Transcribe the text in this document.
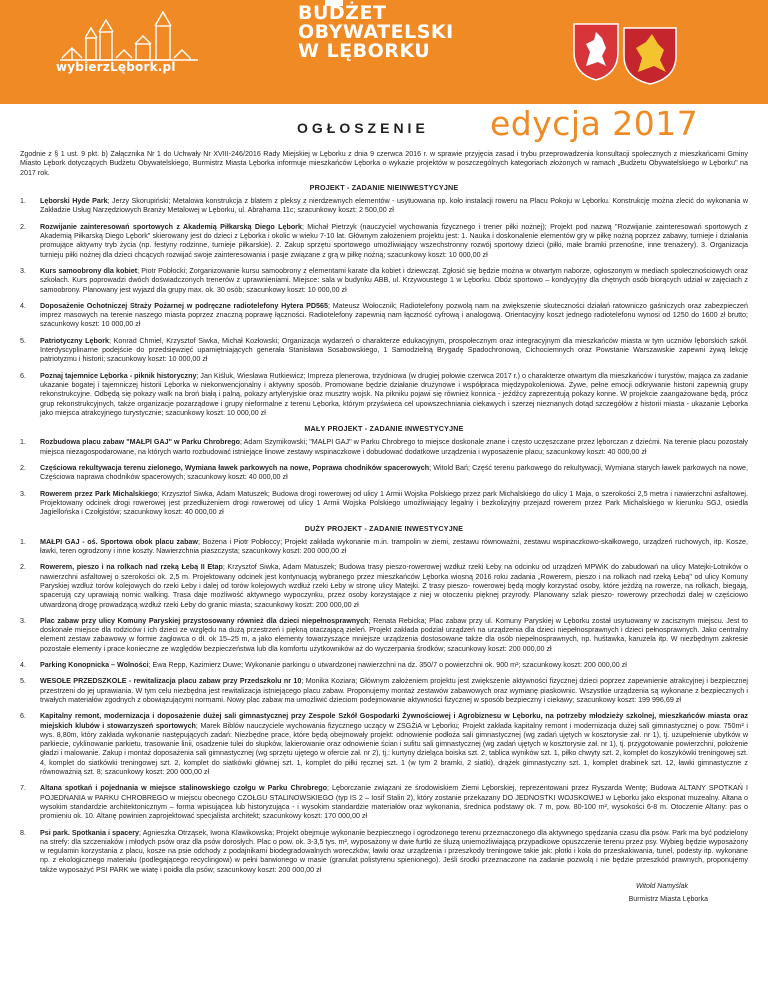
wybierzLębork.pl
BUDŻET
OBYWATELSKI
W LĘBORKU
OGŁOSZENIE edycja 2017
Zgodnie z § 1 ust. 9 pkt. b) Załącznika Nr 1 do Uchwały Nr XVIII-246/2016 Rady Miejskiej w Lęborku z dnia 9 czerwca 2016 r. w sprawie przyjęcia zasad i trybu przeprowadzenia konsultacji społecznych z mieszkańcami Gminy Miasto Lębork dotyczących Budżetu Obywatelskiego, Burmistrz Miasta Lęborka informuje mieszkańców Lęborka o wykazie projektów w poszczególnych kategoriach złożonych w ramach „Budżetu Obywatelskiego w Lęborku" na 2017 rok.
PROJEKT - ZADANIE NIEINWESTYCYJNE
1.	Lęborski Hyde Park; Jerzy Skorupiński; Metalowa konstrukcja z blatem z pleksy z nierdzewnych elementów - usytuowana np. koło instalacji roweru na Placu Pokoju w Lęborku. Konstrukcję można zlecić do wykonania w Zakładzie Usług Narzędziowych Branży Metalowej w Lęborku, ul. Abrahama 11c; szacunkowy koszt: 2 500,00 zł
2.	Rozwijanie zainteresowań sportowych z Akademią Piłkarską Diego Lębork; Michał Pietrzyk (nauczyciel wychowania fizycznego i trener piłki nożnej); Projekt pod nazwą "Rozwijanie zainteresowań sportowych z Akademią Piłkarską Diego Lębork" skierowany jest do dzieci z Lęborka i okolic w wieku 7-10 lat. Głównym założeniem projektu jest: 1. Nauka i doskonalenie elementów gry w piłkę nożną poprzez zabawy, turnieje i działania promujące aktywny tryb życia (np. festyny rodzinne, turnieje piłkarskie). 2. Zakup sprzętu sportowego umożliwiający wszechstronny rozwój sportowy dzieci (piłki, małe bramki przenośne, inne trenażery). 3. Organizacja turnieju piłki nożnej dla dzieci chcących rozwijać swoje zainteresowania i pasje związane z grą w piłkę nożną; szacunkowy koszt: 10 000,00 zł
3.	Kurs samoobrony dla kobiet; Piotr Pobłocki; Zorganizowanie kursu samoobrony z elementami karate dla kobiet i dziewcząt. Zgłosić się będzie można w otwartym naborze, ogłoszonym w mediach społecznościowych oraz szkołach. Kurs poprowadzi dwóch doświadczonych trenerów z uprawnieniami. Miejsce: sala w budynku ABB, ul. Krzywoustego 1 w Lęborku. Obóz sportowo – kondycyjny dla chętnych osób biorących udział w zajęciach z samoobrony. Planowany jest wyjazd dla grupy max. ok. 30 osób; szacunkowy koszt: 10 000,00 zł
4.	Doposażenie Ochotniczej Straży Pożarnej w podręczne radiotelefony Hytera PD565; Mateusz Wołocznik; Radiotelefony pozwolą nam na zwiększenie skuteczności działań ratowniczo gaśniczych oraz zabezpieczeń imprez masowych na terenie naszego miasta poprzez znaczną poprawę łączności. Radiotelefony zapewnią nam łączność cyfrową i analogową. Orientacyjny koszt jednego radiotelefonu wynosi od 1250 do 1600 zł brutto; szacunkowy koszt: 10 000,00 zł
5.	Patriotyczny Lębork; Konrad Chmiel, Krzysztof Siwka, Michał Kozłowski; Organizacja wydarzeń o charakterze edukacyjnym, prospołecznym oraz integracyjnym dla mieszkańców miasta w tym uczniów lęborskich szkół. Interdyscyplinarne podejście do przedsięwzięć upamiętniających generała Stanisława Sosabowskiego, 1 Samodzielną Brygadę Spadochronową, Cichociemnych oraz Powstanie Warszawskie zapewni żywą lekcję patriotyzmu i historii; szacunkowy koszt: 10 000,00 zł
6.	Poznaj tajemnice Lęborka - piknik historyczny; Jan Kiśluk, Wiesława Rutkiewicz; Impreza plenerowa, trzydniowa (w drugiej połowie czerwca 2017 r.) o charakterze otwartym dla mieszkańców i turystów, mająca za zadanie ukazanie bogatej i tajemniczej historii Lęborka w niekonwencjonalny i aktywny sposób. Promowane będzie działanie drużynowe i współpraca międzypokoleniowa. Żywe, pełne emocji odkrywanie historii zapewnią grupy rekonstrukcyjne. Odbędą się pokazy walk na broń białą i palną, pokazy artyleryjskie oraz musztry wojsk. Na pikniku pojawi się również konnica - jeźdźcy zaprezentują pokazy konne. W projekcie zaangażowane będą, prócz grup rekonstrukcyjnych, także organizacje pozarządowe i grupy nieformalne z terenu Lęborka, którym przyświeca cel upowszechniania ciekawych i szerzej nieznanych dotąd szczegółów z historii miasta - ukazanie Lęborka jako miejsca atrakcyjnego turystycznie; szacunkowy koszt: 10 000,00 zł
MAŁY PROJEKT - ZADANIE INWESTYCYJNE
1.	Rozbudowa placu zabaw "MAŁPI GAJ" w Parku Chrobrego; Adam Szymikowski; "MAŁPI GAJ" w Parku Chrobrego to miejsce doskonale znane i często uczęszczane przez lęborczan z dziećmi. Na terenie placu pozostały miejsca niezagospodarowane, na których warto rozbudować istniejące linowe zestawy wspinaczkowe i dobudować dodatkowe urządzenia i wyposażenie placu; szacunkowy koszt: 40 000,00 zł
2.	Częściowa rekultywacja terenu zielonego, Wymiana ławek parkowych na nowe, Poprawa chodników spacerowych; Witold Bań; Część terenu parkowego do rekultywacji, Wymiana starych ławek parkowych na nowe, Częściowa naprawa chodników spacerowych; szacunkowy koszt: 40 000,00 zł
3.	Rowerem przez Park Michalskiego; Krzysztof Siwka, Adam Matuszek; Budowa drogi rowerowej od ulicy 1 Armii Wojska Polskiego przez park Michalskiego do ulicy 1 Maja, o szerokości 2,5 metra i nawierzchni asfaltowej. Projektowany odcinek drogi rowerowej jest przedłużeniem drogi rowerowej od ulicy 1 Armii Wojska Polskiego umożliwiający legalny i bezkolizyjny przejazd rowerem przez Park Michalskiego w kierunku SGJ, osiedla Jagiellońska i Czołgistów; szacunkowy koszt: 40 000,00 zł
DUŻY PROJEKT - ZADANIE INWESTYCYJNE
1.	MAŁPI GAJ - oś. Sportowa obok placu zabaw; Bożena i Piotr Pobłoccy; Projekt zakłada wykonanie m.in. trampolin w ziemi, zestawu równoważni, zestawu wspinaczkowo-skałkowego, urządzeń ruchowych, itp. Kosze, ławki, teren ogrodzony i inne koszty. Nawierzchnia piaszczysta; szacunkowy koszt: 200 000,00 zł
2.	Rowerem, pieszo i na rolkach nad rzeką Łebą II Etap; Krzysztof Siwka, Adam Matuszek; Budowa trasy pieszo-rowerowej wzdłuż rzeki Łeby na odcinku od urządzeń MPWiK do zabudowań na ulicy Matejki-Lotników o nawierzchni asfaltowej o szerokości ok. 2,5 m. Projektowany odcinek jest kontynuacją wybranego przez mieszkańców Lęborka wiosną 2016 roku zadania „Rowerem, pieszo i na rolkach nad rzeką Łebą" od ulicy Komuny Paryskiej wzdłuż torów kolejowych do rzeki Łeby i dalej od torów kolejowych wzdłuż rzeki Łeby w stronę ulicy Matejki. Z trasy pieszo- rowerowej będą mogły korzystać osoby, które jeżdżą na rowerze, na rolkach, biegają, spacerują czy uprawiają nornic walking. Trasa daje możliwość aktywnego wypoczynku, przez osoby korzystające z niej w otoczeniu pięknej przyrody. Planowany szlak pieszo- rowerowy przechodzi dalej w częściowo utwardzoną drogę prowadzącą wzdłuż rzeki Łeby do granic miasta; szacunkowy koszt: 200 000,00 zł
3.	Plac zabaw przy ulicy Komuny Paryskiej przystosowany również dla dzieci niepełnosprawnych; Renata Rebicka; Plac zabaw przy ul. Komuny Paryskiej w Lęborku został usytuowany w zacisznym miejscu. Jest to doskonałe miejsce dla rodziców i ich dzieci ze względu na dużą przestrzeń i piękną otaczającą zieleń. Projekt zakłada podział urządzeń na urządzenia dla dzieci niepełnosprawnych i dzieci pełnosprawnych. Jako centralny element zestaw zabawowy w formie żaglowca o dł. ok 15–25 m, a jako elementy towarzyszące mniejsze urządzenia dostosowane także dla osób niepełnosprawnych, np. huśtawka, karuzela itp. W niezbędnym zakresie pozostałe elementy i prace konieczne ze względów bezpieczeństwa lub dla komfortu użytkowników aż do wyczerpania środków; szacunkowy koszt: 200 000,00 zł
4.	Parking Konopnicka – Wolności; Ewa Repp, Kazimierz Duwe; Wykonanie parkingu o utwardzonej nawierzchni na dz. 350/7 o powierzchni ok. 900 m²; szacunkowy koszt: 200 000,00 zł
5.	WESOŁE PRZEDSZKOLE - rewitalizacja placu zabaw przy Przedszkolu nr 10; Monika Koziara; Głównym założeniem projektu jest zwiększenie aktywności fizycznej dzieci poprzez zapewnienie atrakcyjnej i bezpiecznej przestrzeni do jej uprawiania. W tym celu niezbędna jest rewitalizacja istniejącego placu zabaw. Proponujemy montaż zestawów zabawowych oraz wymianę piaskownic. Wszystkie urządzenia są wykonane z bezpiecznych i trwałych materiałów zgodnych z obowiązującymi normami. Nowy plac zabaw ma umożliwić dzieciom podejmowanie aktywności fizycznej w sposób bezpieczny i ciekawy; szacunkowy koszt: 199 996,69 zł
6.	Kapitalny remont, modernizacja i doposażenie dużej sali gimnastycznej przy Zespole Szkół Gospodarki Żywnościowej i Agrobiznesu w Lęborku, na potrzeby młodzieży szkolnej, mieszkańców miasta oraz miejskich klubów i stowarzyszeń sportowych; Marek Biblów nauczyciele wychowania fizycznego uczący w ZSGŻiA w Lęborku; Projekt zakłada kapitalny remont i modernizacja dużej sali gimnastycznej o pow. 750m² i wys. 8,80m, który zakłada wykonanie następujących zadań: Niezbędne prace, które będą obejmowały projekt: odnowienie podłoża sali gimnastycznej (wg zadań ujętych w kosztorysie zał. nr 1), tj. uzupełnienie ubytków w parkiecie, cyklinowanie parkietu, trasowanie linii, osadzenie tulei do słupków, lakierowanie oraz odnowienie ścian i sufitu sali gimnastycznej (wg zadań ujętych w kosztorysie zał. nr 1), tj. przygotowanie powierzchni, położenie gładzi i malowanie. Zakup i montaż doposażenia sali gimnastycznej (wg sprzętu ujętego w ofercie zał. nr 2), tj.: kurtyny dzieląca boiska szt. 2, tablica wyników szt. 1, piłko chwyty szt. 2, komplet do koszykówki treningowej szt. 4, komplet do siatkówki treningowej szt. 2, komplet do siatkówki głównej szt. 1, komplet do piłki ręcznej szt. 1 (w tym 2 bramki, 2 siatki), drążek gimnastyczny szt. 1, komplet drabinek szt. 12, ławki gimnastyczne z równoważnią szt. 8; szacunkowy koszt: 200 000,00 zł
7.	Altana spotkań i pojednania w miejsce stalinowskiego czołgu w Parku Chrobrego; Lęborczanie związani ze środowiskiem Ziemi Lęborskiej, reprezentowani przez Ryszarda Wentę; Budowa ALTANY SPOTKAŃ I POJEDNANIA w PARKU CHROBREGO w miejscu obecnego CZOŁGU STALINOWSKIEGO (typ IS 2 – Iosif Stalin 2), który zostanie przekazany DO JEDNOSTKI WOJSKOWEJ w Lęborku jako eksponat muzealny. Altana o wysokim standardzie architektonicznym – forma wpisującea lub historyzująca - i wysokim standardzie materiałów oraz wykonania, średnica podstawy ok. 7 m, pow. 80-100 m², wysokości 6-8 m. Otoczenie Altany: pas o promieniu ok. 10. Altanę powinien zaprojektować specjalista architekt; szacunkowy koszt: 170 000,00 zł
8.	Psi park. Spotkania i spacery; Agnieszka Otrząsek, Iwona Klawikowska; Projekt obejmuje wykonanie bezpiecznego i ogrodzonego terenu przeznaczonego dla aktywnego spędzania czasu dla psów. Park ma być podzielony na strefy: dla szczeniaków i młodych psów oraz dla psów dorosłych. Plac o pow. ok. 3-3,5 tys. m², wyposażony w dwie furtki ze śluzą uniemożliwiającą przypadkowe opuszczenie terenu przez psy. Wybieg będzie wyposażony w regulamin korzystania z placu, kosze na psie odchody z podajnikami biodegradowalnych woreczków, ławki oraz urządzenia i przeszkody treningowe takie jak: płotki i koła do przeskakiwania, tunel, podesty itp. wykonane np. z ekologicznego materiału (podlegającego recyclingowi) w pełni barwionego w masie (granulat polistyrenu spienionego). Jeśli środki przeznaczone na zadanie pozwolą i nie będzie przeszkód prawnych, proponujemy także wyposażyć PSI PARK we wiatę i poidła dla psów; szacunkowy koszt: 200 000,00 zł
Witold Namyślak
Burmistrz Miasta Lęborka
